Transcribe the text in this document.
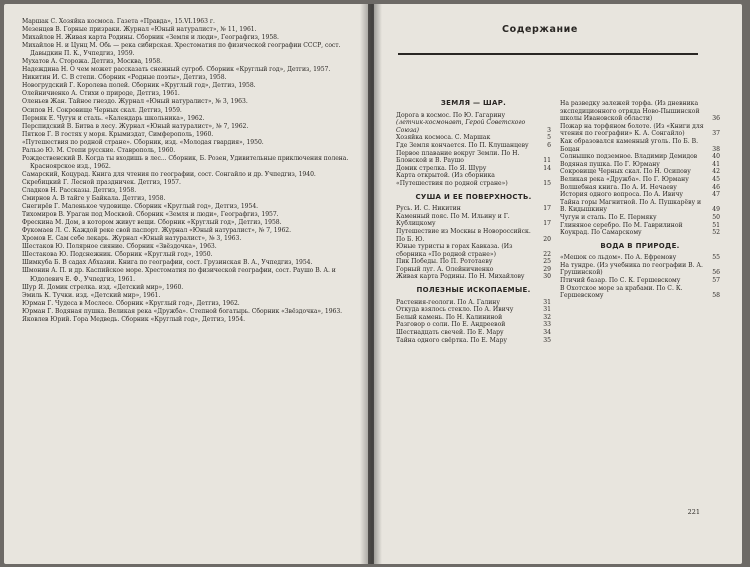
Маршак С. Хозяйка космоса. Газета «Правда», 15.VI.1963 г.

Мезенцев В. Горные призраки. Журнал «Юный натуралист», № 11, 1961.

Михайлов Н. Живая карта Родины. Сборник «Земля и люди», Географгиз, 1958.

Михайлов Н. и Цунц М. Обь — река сибирская. Хрестоматия по физической географии СССР, сост. Давыдкин П. К., Учпедгиз, 1959.

Мухатов А. Сторожа. Детгиз, Москва, 1958.

Надеждина Н. О чем может рассказать снежный сугроб. Сборник «Круглый год», Детгиз, 1957.

Никитин И. С. В степи. Сборник «Родные поэты», Детгиз, 1958.

Новогрудский Г. Королева полей. Сборник «Круглый год», Детгиз, 1958.

Олейничиенко А. Стихи о природе, Детгиз, 1961.

Оленьев Жан. Тайное гнездо. Журнал «Юный натуралист», № 3, 1963.

Осипов Н. Сокровище Черных скал. Детгиз, 1959.

Пермяк Е. Чугун и сталь. «Календарь школьника», 1962.

Перспидский В. Битва в лесу. Журнал «Юный натуралист», № 7, 1962.

Пятков Г. В гостях у моря. Крымиздат, Симферополь, 1960.

«Путешествия по родной стране». Сборник, изд. «Молодая гвардия», 1950.

Ральзо Ю. М. Степи русские. Ставрополь, 1960.

Рождественский В. Когда ты входишь в лес... Сборник, Б. Розен, Удивительные приключения полена. Красноярское изд., 1962.

Самарский, Коцурад. Книга для чтения по географии, сост. Сонгайло и др. Учпедгиз, 1940.

Скребицкий Г. Лесной праздничек. Детгиз, 1957.

Сладков Н. Рассказы. Детгиз, 1958.

Смирнов А. В тайге у Байкала. Детгиз, 1958.

Снегирёв Г. Маленькое чудовище. Сборник «Круглый год», Детгиз, 1954.

Тихомиров В. Ураган под Москвой. Сборник «Земля и люди», Географгиз, 1957.

Фрескина М. Дом, в котором живут вещи. Сборник «Круглый год», Детгиз, 1958.

Фукомаев Л. С. Каждой реке свой паспорт. Журнал «Юный натуралист», № 7, 1962.

Хромов Е. Сам себе лекарь. Журнал «Юный натуралист», № 3, 1963.

Шестаков Ю. Полярное сияние. Сборник «Звёздочка», 1963.

Шестакова Ю. Подснежник. Сборник «Круглый год», 1950.

Шимкуба Б. В садах Абхазии. Книга по географии, сост. Грузинская В. А., Учпедгиз, 1954.

Шмонин А. П. и др. Каспийское море. Хрестоматия по физической географии, сост. Раушо В. А. и Юдолевич Е. Ф., Учпедгиз, 1961.

Шур Я. Домик стрелка. изд. «Детский мир», 1960.

Эмиль К. Тучки. изд. «Детский мир», 1961.

Юрман Г. Чудеса в Мослесе. Сборник «Круглый год», Детгиз, 1962.

Юрман Г. Водяная пушка. Великая река «Дружба». Степной богатырь. Сборник «Звёздочка», 1963.

Яковлев Юрий. Гора Медведь. Сборник «Круглый год», Детгиз, 1954.

Содержание
ЗЕМЛЯ — ШАР.
Дорога в космос. По Ю. Гагарину (летчик-космонавт, Герой Советского Союза)	3
Хозяйка космоса. С. Маршак	5
Где Земля кончается. По П. Клушанцеву	6
Первое плавание вокруг Земли. По Н. Блонской и В. Раушо	11
Домик стрелка. По Я. Шуру	14
Карта открытой. (Из сборника «Путешествия по родной стране»)	15
СУША И ЕЕ ПОВЕРХНОСТЬ.
Русь. И. С. Никитин	17
Каменный пояс. По М. Ильину и Г. Кублицкому	17
Путешествие из Москвы в Новороссийск. По Б. Ю.	20
Юные туристы в горах Кавказа. (Из сборника «По родной стране»)	22
Пик Победы. По П. Рототаеву	25
Горный луг. А. Олейничиенко	29
Живая карта Родины. По Н. Михайлову	30
ПОЛЕЗНЫЕ ИСКОПАЕМЫЕ.
Растения-геологи. По А. Галину	31
Откуда взялось стекло. По А. Ивичу	31
Белый камень. По Н. Калининой	32
Разговор о соли. По Е. Андреевой	33
Шестнадцать свечей. По Е. Мару	34
Тайна одного свёртка. По Е. Мару	35
На разведку залежей торфа. (Из дневника экспедиционного отряда Ново-Пышинской школы Ивановской области)	36
Пожар на торфяном болоте. (Из «Книги для чтения по географии» К. А. Сонгайло)	37
Как образовался каменный уголь. По Б. В. Боцан	38
Солнышко подземное. Владимир Демидов	40
Водяная пушка. По Г. Юрману	41
Сокровище Черных скал. По Н. Осипову	42
Великая река «Дружба». По Г. Юрману	45
Волшебная книга. По А. И. Нечаеву	46
История одного вопроса. По А. Ивичу	47
Тайна горы Магнитной. По А. Пушкарёву и В. Кидышкину	49
Чугун и сталь. По Е. Пермяку	50
Глиняное серебро. По М. Гаврилиной	51
Коукрад. По Самарскому	52
ВОДА В ПРИРОДЕ.
«Мешок со льдом». По А. Ефремову	55
На тундре. (Из учебника по географии В. А. Грушинской)	56
Птичий базар. По С. К. Гершевскому	57
В Охотское море за крабами. По С. К. Гершевскому	58
221
